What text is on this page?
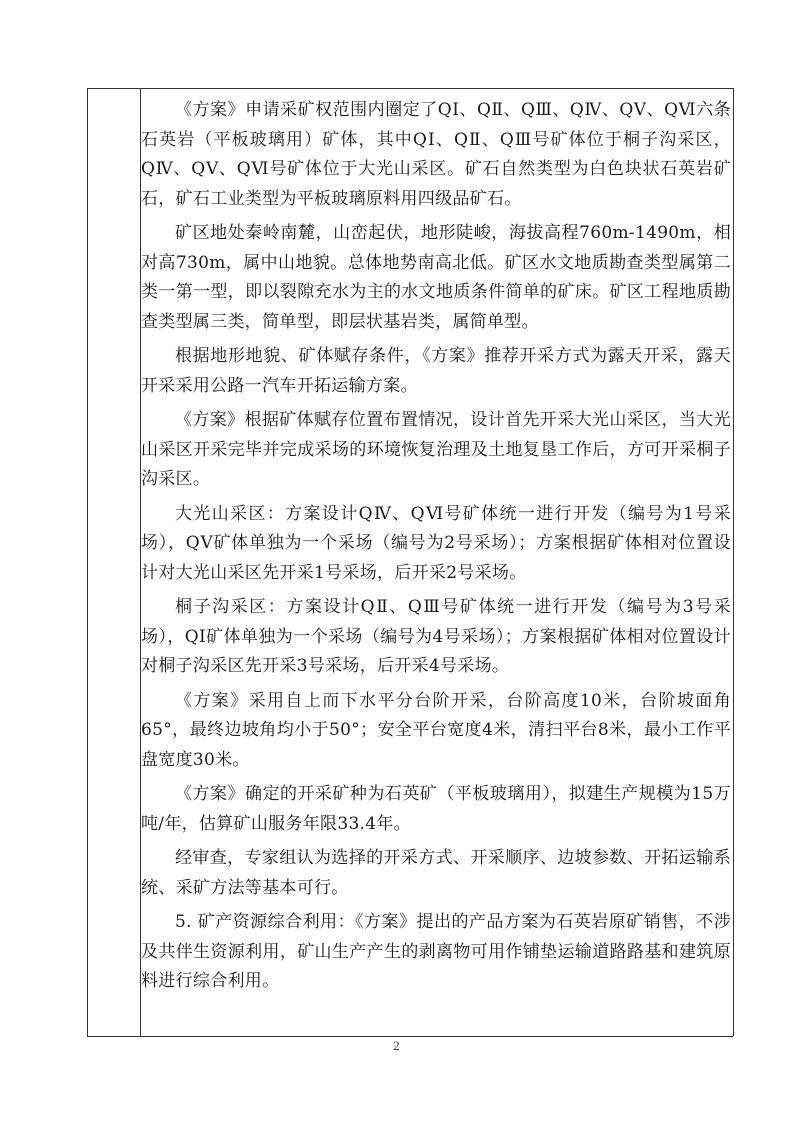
《方案》申请采矿权范围内圈定了QⅠ、QⅡ、QⅢ、QⅣ、QⅤ、QⅥ六条石英岩（平板玻璃用）矿体，其中QⅠ、QⅡ、QⅢ号矿体位于桐子沟采区，QⅣ、QⅤ、QⅥ号矿体位于大光山采区。矿石自然类型为白色块状石英岩矿石，矿石工业类型为平板玻璃原料用四级品矿石。

矿区地处秦岭南麓，山峦起伏，地形陡峻，海拔高程760m-1490m，相对高730m，属中山地貌。总体地势南高北低。矿区水文地质勘查类型属第二类一第一型，即以裂隙充水为主的水文地质条件简单的矿床。矿区工程地质勘查类型属三类，简单型，即层状基岩类，属简单型。

根据地形地貌、矿体赋存条件，《方案》推荐开采方式为露天开采，露天开采采用公路一汽车开拓运输方案。

《方案》根据矿体赋存位置布置情况，设计首先开采大光山采区，当大光山采区开采完毕并完成采场的环境恢复治理及土地复垦工作后，方可开采桐子沟采区。

大光山采区：方案设计QⅣ、QⅥ号矿体统一进行开发（编号为1号采场），QⅤ矿体单独为一个采场（编号为2号采场）；方案根据矿体相对位置设计对大光山采区先开采1号采场，后开采2号采场。

桐子沟采区：方案设计QⅡ、QⅢ号矿体统一进行开发（编号为3号采场），QⅠ矿体单独为一个采场（编号为4号采场）；方案根据矿体相对位置设计对桐子沟采区先开采3号采场，后开采4号采场。

《方案》采用自上而下水平分台阶开采，台阶高度10米，台阶坡面角65°，最终边坡角均小于50°；安全平台宽度4米，清扫平台8米，最小工作平盘宽度30米。

《方案》确定的开采矿种为石英矿（平板玻璃用），拟建生产规模为15万吨/年，估算矿山服务年限33.4年。

经审查，专家组认为选择的开采方式、开采顺序、边坡参数、开拓运输系统、采矿方法等基本可行。

5. 矿产资源综合利用：《方案》提出的产品方案为石英岩原矿销售，不涉及共伴生资源利用，矿山生产产生的剥离物可用作铺垫运输道路路基和建筑原料进行综合利用。

2
